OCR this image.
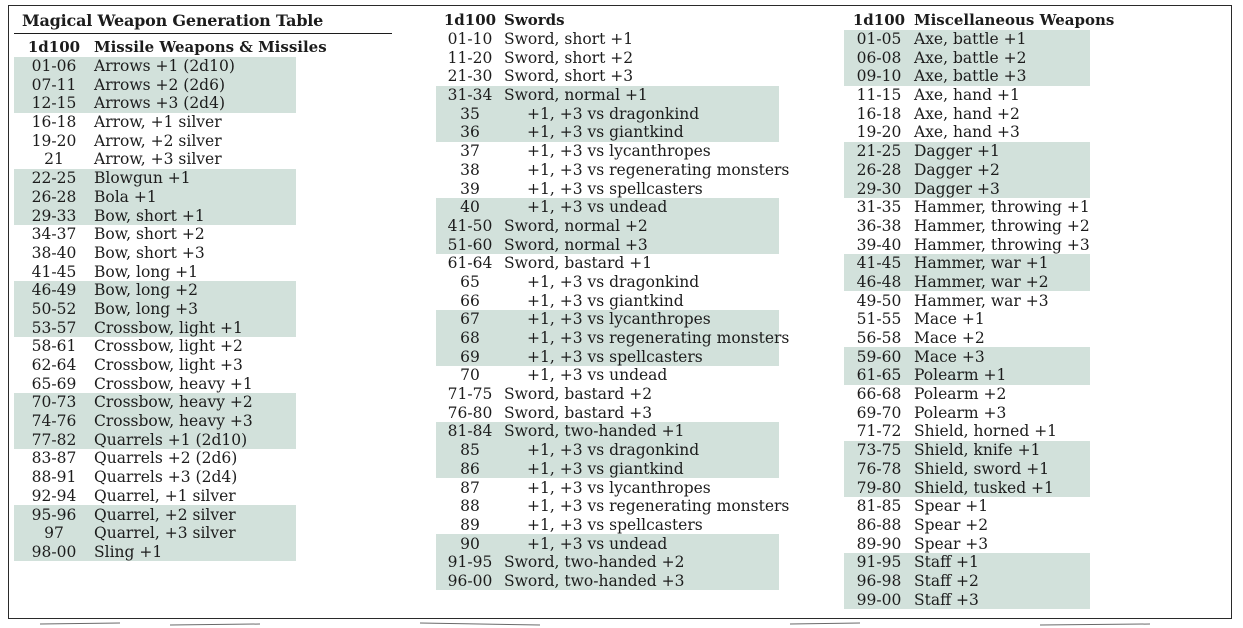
Magical Weapon Generation Table
1d100 Missile Weapons & Missiles
01-06	Arrows +1 (2d10)
07-11	Arrows +2 (2d6)
12-15	Arrows +3 (2d4)
16-18	Arrow, +1 silver
19-20	Arrow, +2 silver
21	Arrow, +3 silver
22-25	Blowgun +1
26-28	Bola +1
29-33	Bow, short +1
34-37	Bow, short +2
38-40	Bow, short +3
41-45	Bow, long +1
46-49	Bow, long +2
50-52	Bow, long +3
53-57	Crossbow, light +1
58-61	Crossbow, light +2
62-64	Crossbow, light +3
65-69	Crossbow, heavy +1
70-73	Crossbow, heavy +2
74-76	Crossbow, heavy +3
77-82	Quarrels +1 (2d10)
83-87	Quarrels +2 (2d6)
88-91	Quarrels +3 (2d4)
92-94	Quarrel, +1 silver
95-96	Quarrel, +2 silver
97	Quarrel, +3 silver
98-00	Sling +1
1d100 Swords
01-10 Sword, short +1
11-20 Sword, short +2
21-30 Sword, short +3
31-34 Sword, normal +1
35	+1, +3 vs dragonkind
36	+1, +3 vs giantkind
37	+1, +3 vs lycanthropes
38	+1, +3 vs regenerating monsters
39	+1, +3 vs spellcasters
40	+1, +3 vs undead
41-50 Sword, normal +2
51-60 Sword, normal +3
61-64 Sword, bastard +1
65	+1, +3 vs dragonkind
66	+1, +3 vs giantkind
67	+1, +3 vs lycanthropes
68	+1, +3 vs regenerating monsters
69	+1, +3 vs spellcasters
70	+1, +3 vs undead
71-75 Sword, bastard +2
76-80 Sword, bastard +3
81-84 Sword, two-handed +1
85	+1, +3 vs dragonkind
86	+1, +3 vs giantkind
87	+1, +3 vs lycanthropes
88	+1, +3 vs regenerating monsters
89	+1, +3 vs spellcasters
90	+1, +3 vs undead
91-95 Sword, two-handed +2
96-00 Sword, two-handed +3
1d100 Miscellaneous Weapons
01-05 Axe, battle +1
06-08 Axe, battle +2
09-10 Axe, battle +3
11-15 Axe, hand +1
16-18 Axe, hand +2
19-20 Axe, hand +3
21-25 Dagger +1
26-28 Dagger +2
29-30 Dagger +3
31-35 Hammer, throwing +1
36-38 Hammer, throwing +2
39-40 Hammer, throwing +3
41-45 Hammer, war +1
46-48 Hammer, war +2
49-50 Hammer, war +3
51-55 Mace +1
56-58 Mace +2
59-60 Mace +3
61-65 Polearm +1
66-68 Polearm +2
69-70 Polearm +3
71-72 Shield, horned +1
73-75 Shield, knife +1
76-78 Shield, sword +1
79-80 Shield, tusked +1
81-85 Spear +1
86-88 Spear +2
89-90 Spear +3
91-95 Staff +1
96-98 Staff +2
99-00 Staff +3
